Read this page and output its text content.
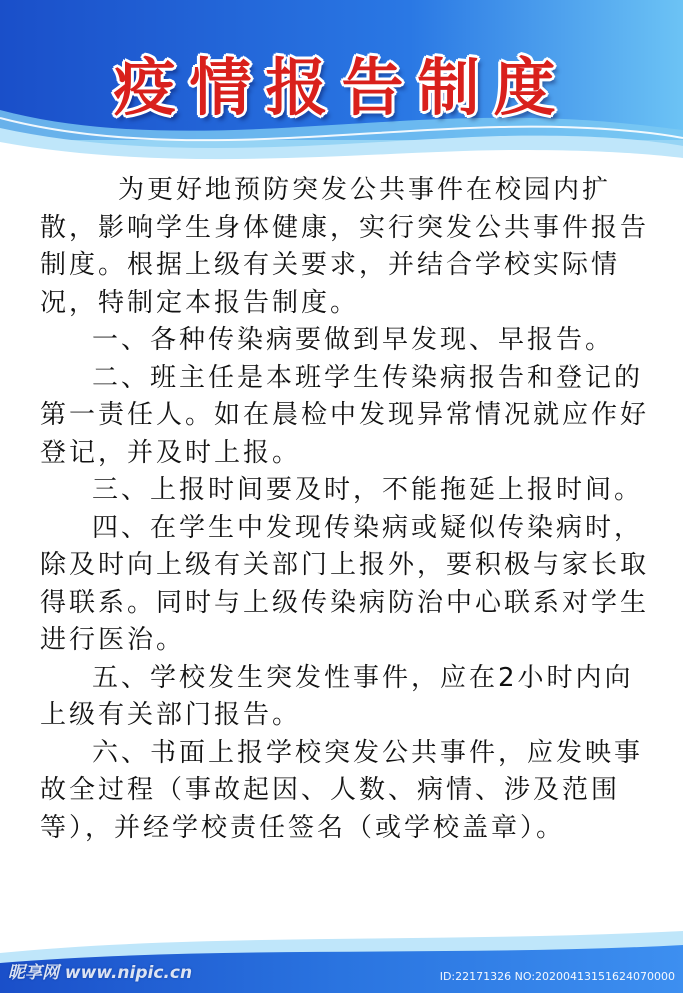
疫情报告制度

为更好地预防突发公共事件在校园内扩散，影响学生身体健康，实行突发公共事件报告制度。根据上级有关要求，并结合学校实际情况，特制定本报告制度。

一、各种传染病要做到早发现、早报告。

二、班主任是本班学生传染病报告和登记的第一责任人。如在晨检中发现异常情况就应作好登记，并及时上报。

三、上报时间要及时，不能拖延上报时间。

四、在学生中发现传染病或疑似传染病时，除及时向上级有关部门上报外，要积极与家长取得联系。同时与上级传染病防治中心联系对学生进行医治。

五、学校发生突发性事件，应在2小时内向上级有关部门报告。

六、书面上报学校突发公共事件，应发映事故全过程（事故起因、人数、病情、涉及范围等），并经学校责任签名（或学校盖章）。

昵享网 www.nipic.cn	ID:22171326 NO:20200413151624070000
